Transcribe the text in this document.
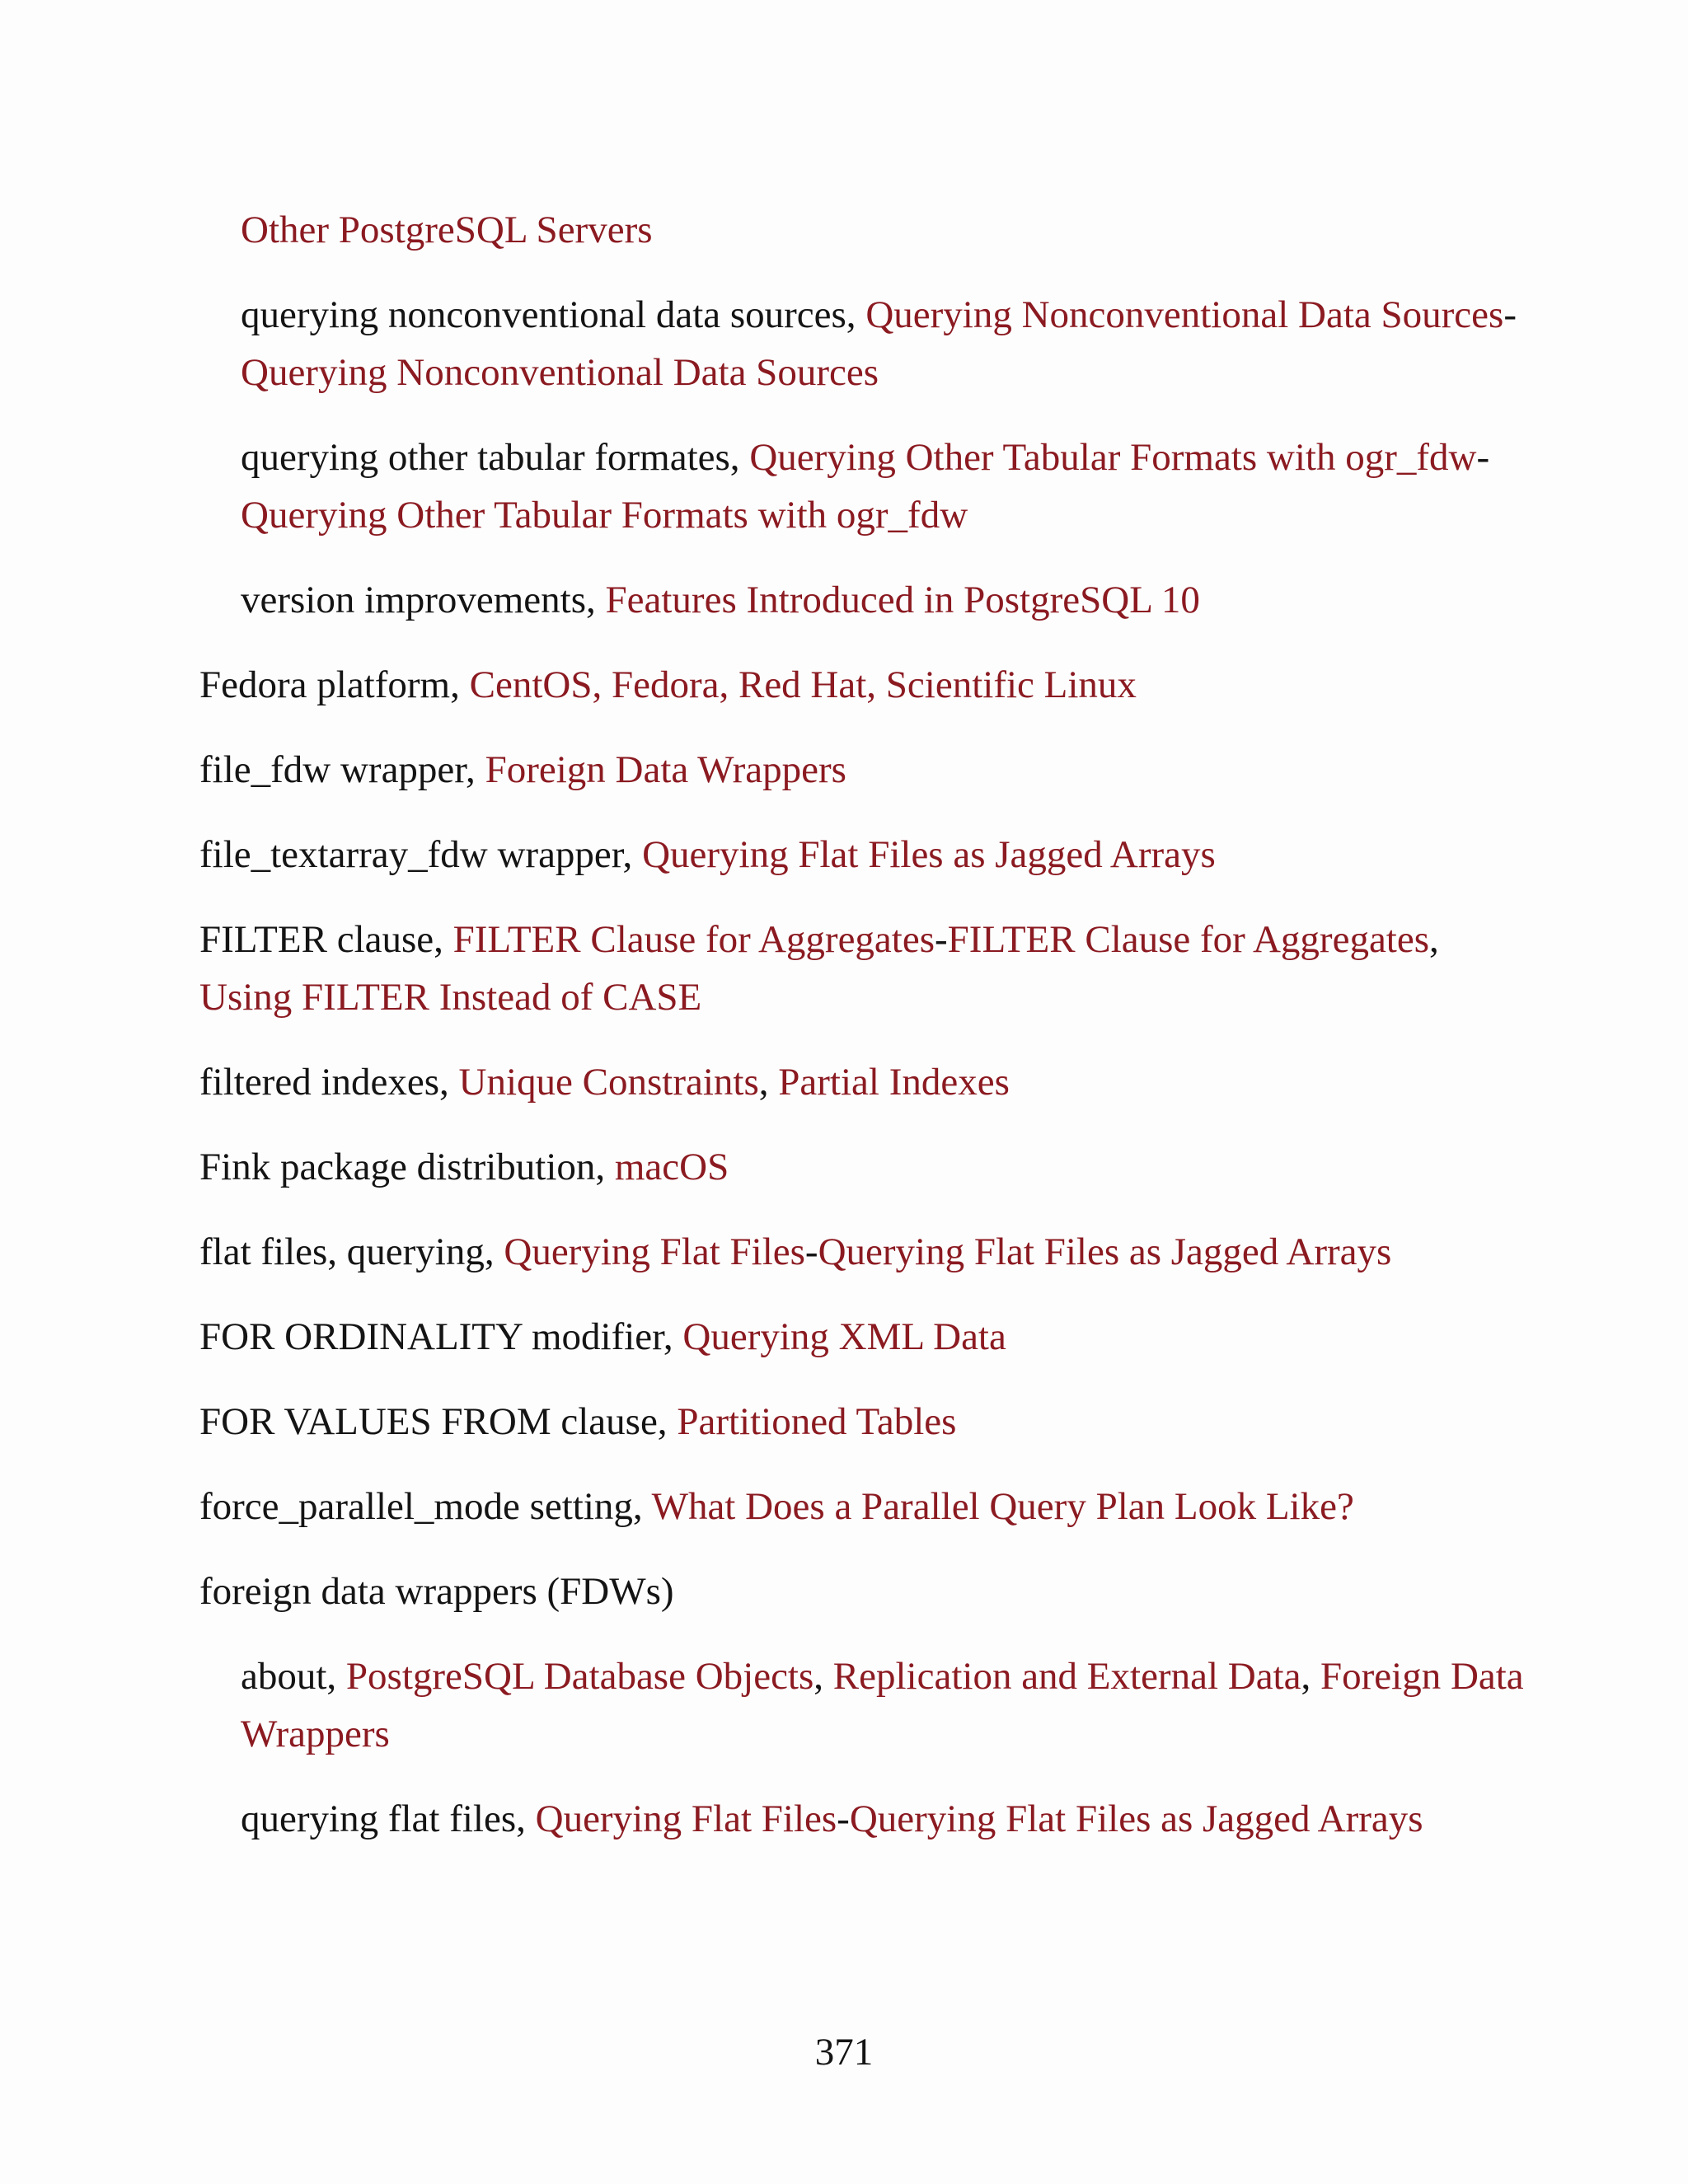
Other PostgreSQL Servers
querying nonconventional data sources, Querying Nonconventional Data Sources-Querying Nonconventional Data Sources
querying other tabular formates, Querying Other Tabular Formats with ogr_fdw-Querying Other Tabular Formats with ogr_fdw
version improvements, Features Introduced in PostgreSQL 10
Fedora platform, CentOS, Fedora, Red Hat, Scientific Linux
file_fdw wrapper, Foreign Data Wrappers
file_textarray_fdw wrapper, Querying Flat Files as Jagged Arrays
FILTER clause, FILTER Clause for Aggregates-FILTER Clause for Aggregates, Using FILTER Instead of CASE
filtered indexes, Unique Constraints, Partial Indexes
Fink package distribution, macOS
flat files, querying, Querying Flat Files-Querying Flat Files as Jagged Arrays
FOR ORDINALITY modifier, Querying XML Data
FOR VALUES FROM clause, Partitioned Tables
force_parallel_mode setting, What Does a Parallel Query Plan Look Like?
foreign data wrappers (FDWs)
about, PostgreSQL Database Objects, Replication and External Data, Foreign Data Wrappers
querying flat files, Querying Flat Files-Querying Flat Files as Jagged Arrays
371
